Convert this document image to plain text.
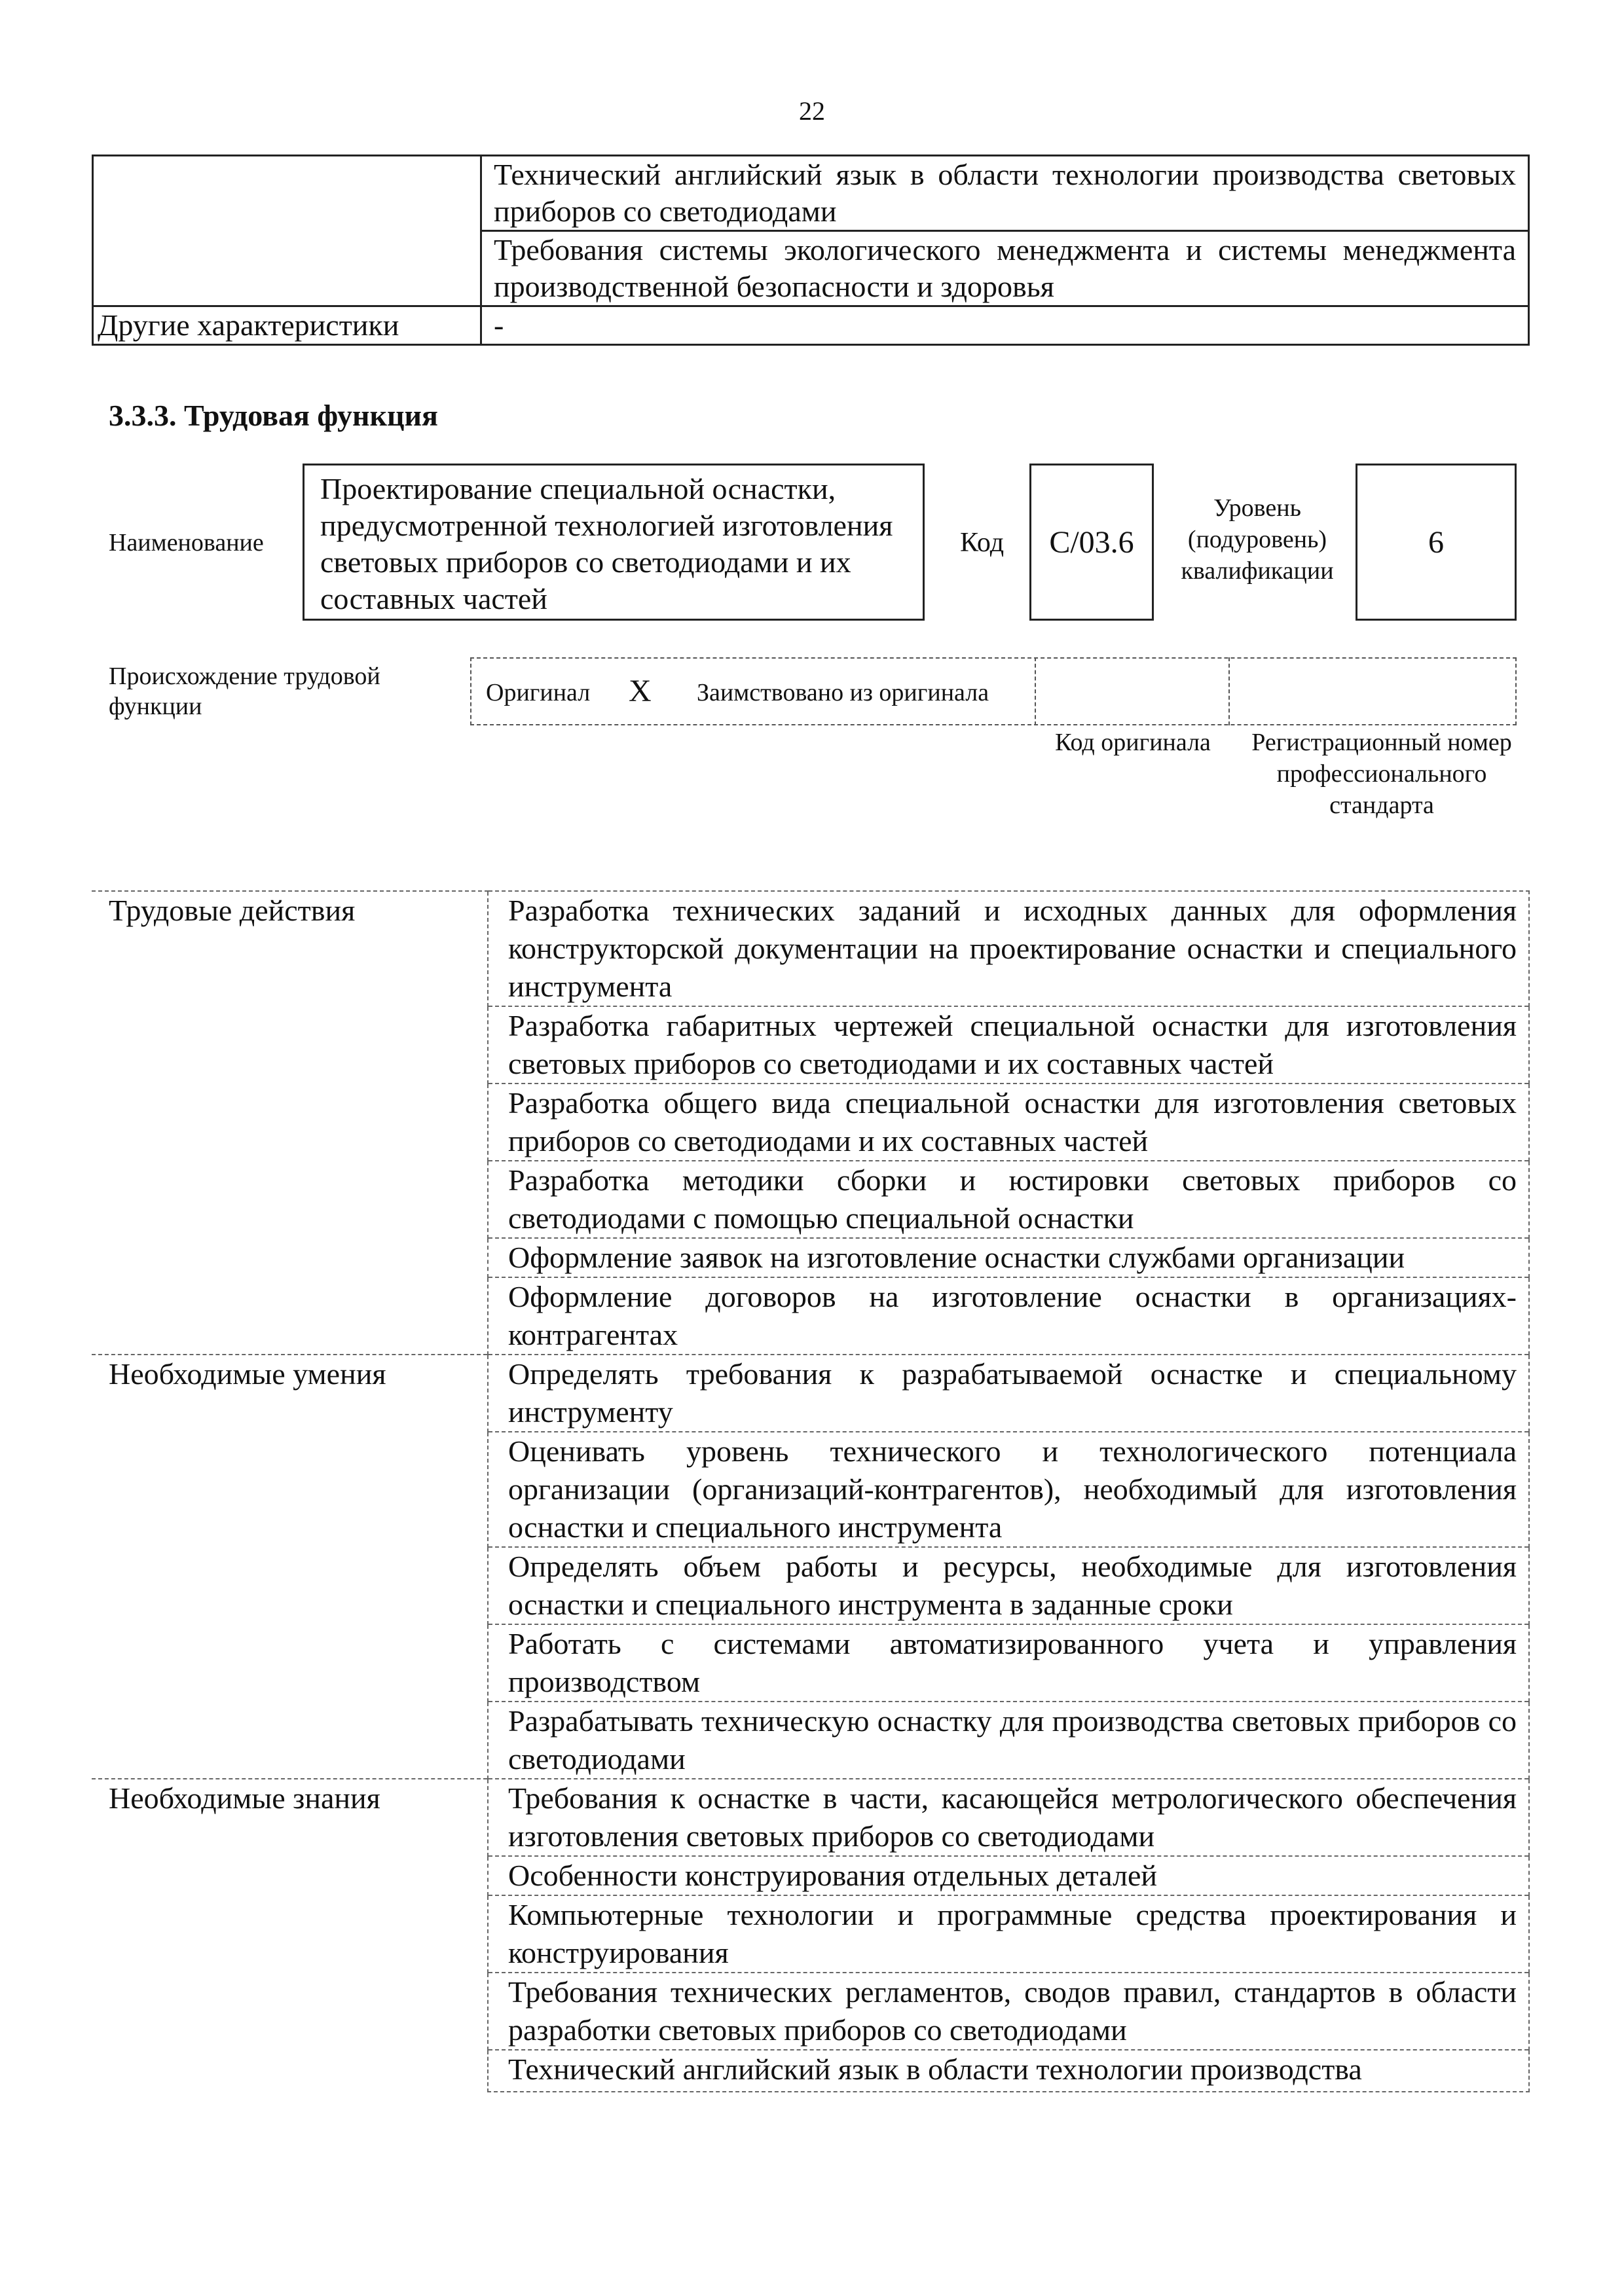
22
	Технический английский язык в области технологии производства световых приборов со светодиодами
	Требования системы экологического менеджмента и системы менеджмента производственной безопасности и здоровья
Другие характеристики	-
3.3.3. Трудовая функция
Наименование
Проектирование специальной оснастки, предусмотренной технологией изготовления световых приборов со светодиодами и их составных частей
Код	C/03.6
Уровень (подуровень) квалификации
6
Происхождение трудовой функции	Оригинал X Заимствовано из оригинала
Код оригинала Регистрационный номер профессионального стандарта
Трудовые действия	Разработка технических заданий и исходных данных для оформления конструкторской документации на проектирование оснастки и специального инструмента
	Разработка габаритных чертежей специальной оснастки для изготовления световых приборов со светодиодами и их составных частей
	Разработка общего вида специальной оснастки для изготовления световых приборов со светодиодами и их составных частей
	Разработка методики сборки и юстировки световых приборов со светодиодами с помощью специальной оснастки
	Оформление заявок на изготовление оснастки службами организации
	Оформление договоров на изготовление оснастки в организациях-контрагентах
Необходимые умения	Определять требования к разрабатываемой оснастке и специальному инструменту
	Оценивать уровень технического и технологического потенциала организации (организаций-контрагентов), необходимый для изготовления оснастки и специального инструмента
	Определять объем работы и ресурсы, необходимые для изготовления оснастки и специального инструмента в заданные сроки
	Работать с системами автоматизированного учета и управления производством
	Разрабатывать техническую оснастку для производства световых приборов со светодиодами
Необходимые знания	Требования к оснастке в части, касающейся метрологического обеспечения изготовления световых приборов со светодиодами
	Особенности конструирования отдельных деталей
	Компьютерные технологии и программные средства проектирования и конструирования
	Требования технических регламентов, сводов правил, стандартов в области разработки световых приборов со светодиодами
	Технический английский язык в области технологии производства
